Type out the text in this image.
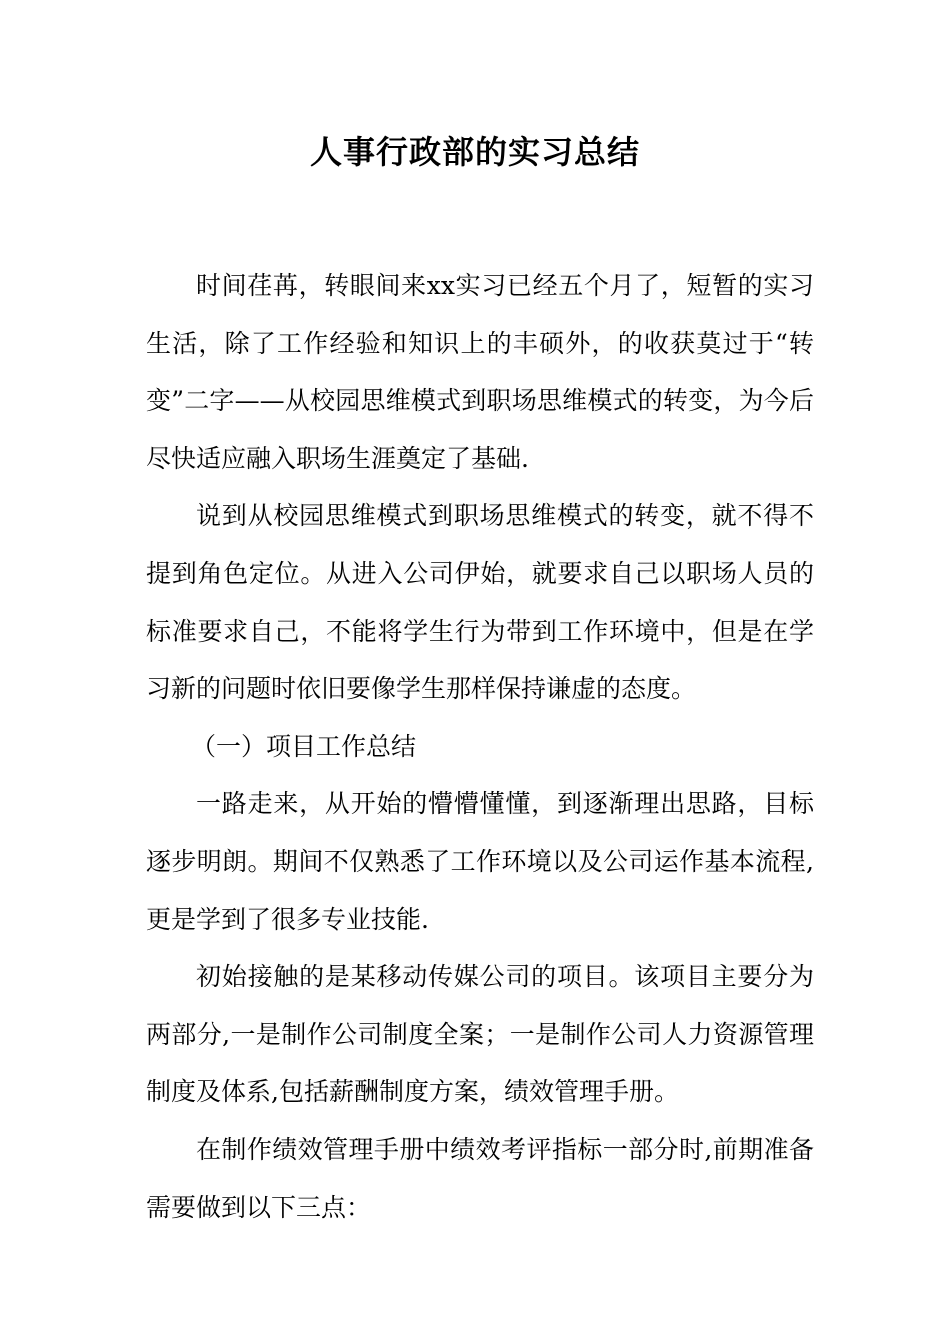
人事行政部的实习总结

时间荏苒，转眼间来xx实习已经五个月了，短暂的实习生活，除了工作经验和知识上的丰硕外，的收获莫过于“转变”二字——从校园思维模式到职场思维模式的转变，为今后尽快适应融入职场生涯奠定了基础.

说到从校园思维模式到职场思维模式的转变，就不得不提到角色定位。从进入公司伊始，就要求自己以职场人员的标准要求自己，不能将学生行为带到工作环境中，但是在学习新的问题时依旧要像学生那样保持谦虚的态度。

（一）项目工作总结

一路走来，从开始的懵懵懂懂，到逐渐理出思路，目标逐步明朗。期间不仅熟悉了工作环境以及公司运作基本流程,更是学到了很多专业技能.

初始接触的是某移动传媒公司的项目。该项目主要分为两部分,一是制作公司制度全案；一是制作公司人力资源管理制度及体系,包括薪酬制度方案，绩效管理手册。

在制作绩效管理手册中绩效考评指标一部分时,前期准备需要做到以下三点：
